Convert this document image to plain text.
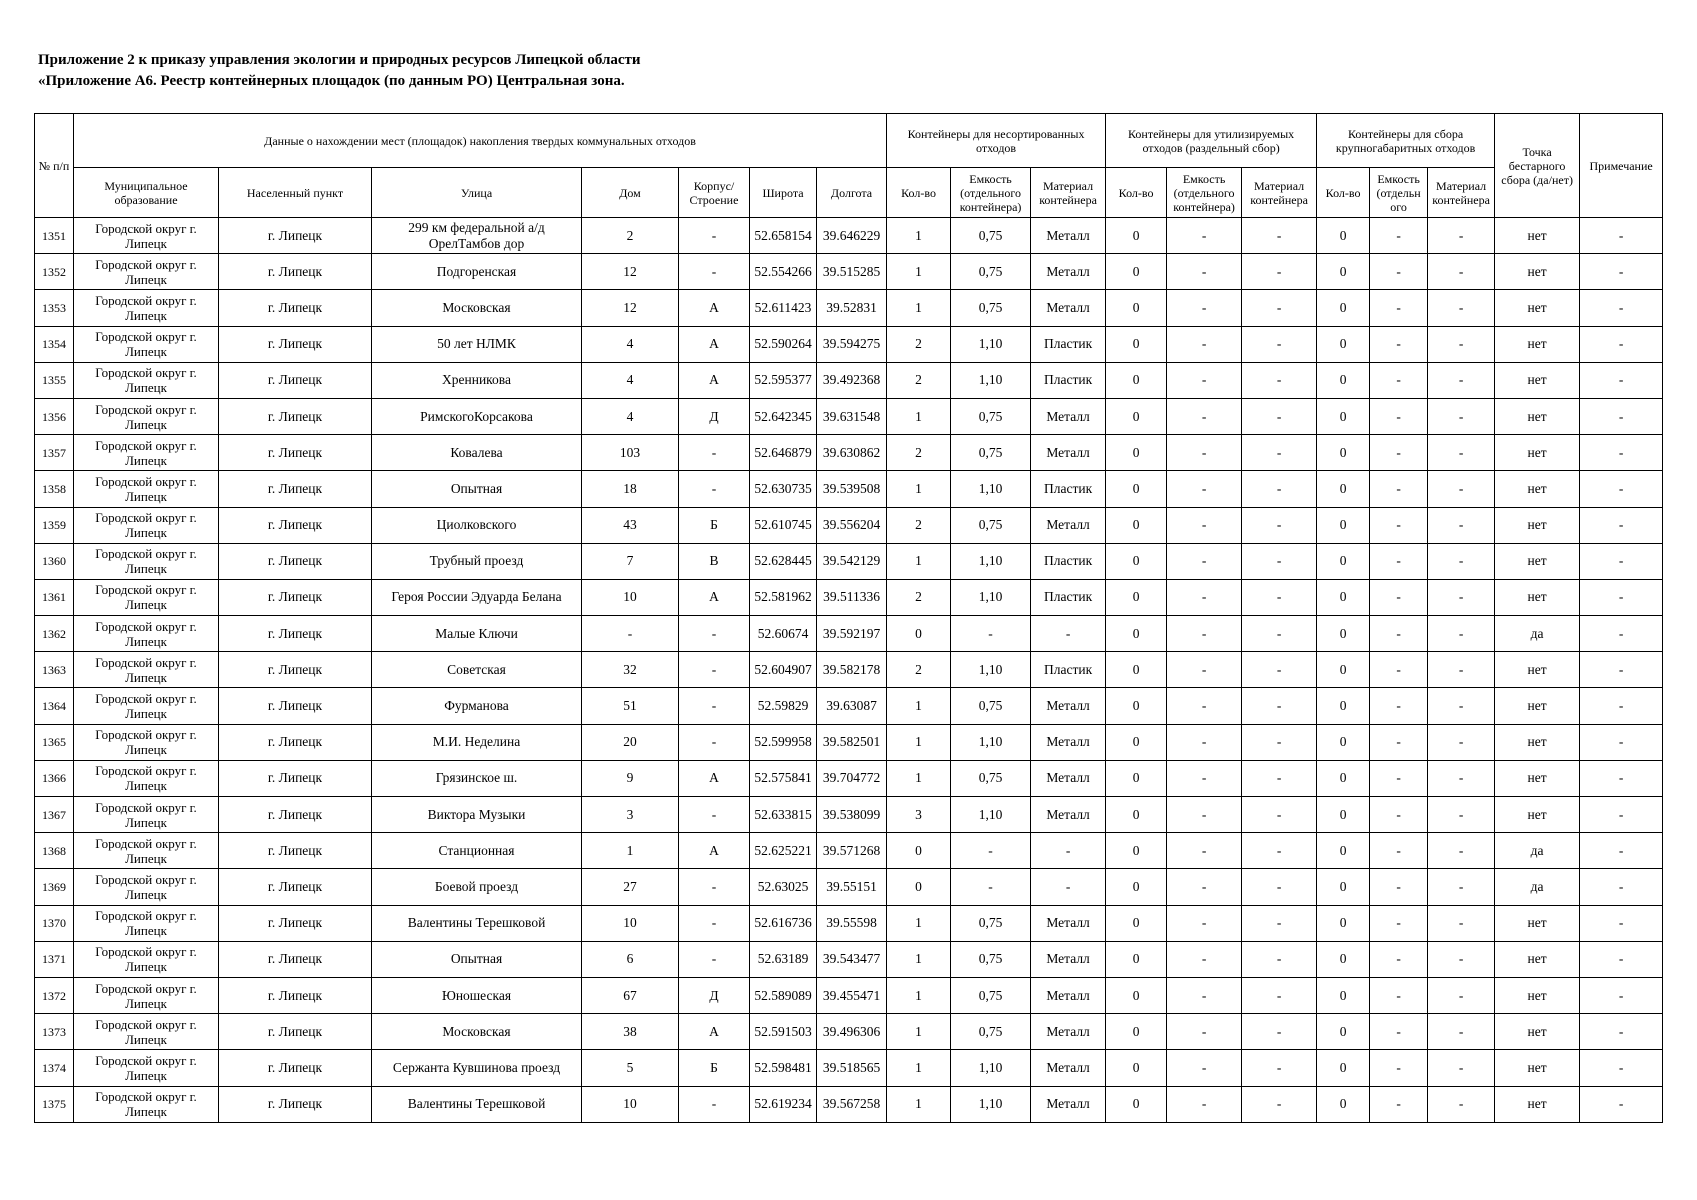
Приложение 2 к приказу управления экологии и природных ресурсов Липецкой области
«Приложение А6. Реестр контейнерных площадок (по данным РО) Центральная зона.
№ п/п	Данные о нахождении мест (площадок) накопления твердых коммунальных отходов							Контейнеры для несортированных отходов			Контейнеры для утилизируемых отходов (раздельный сбор)			Контейнеры для сбора крупногабаритных отходов			Точка бестарного сбора (да/нет)	Примечание
	Муниципальное образование	Населенный пункт	Улица	Дом	Корпус/ Строение	Широта	Долгота	Кол-во	Емкость (отдельного контейнера)	Материал контейнера	Кол-во	Емкость (отдельного контейнера)	Материал контейнера	Кол-во	Емкость (отдельн ого	Материал контейнера		
1351	Городской округ г. Липецк	г. Липецк	299 км федеральной а/д ОрелТамбов дор	2	-	52.658154	39.646229	1	0,75	Металл	0	-	-	0	-	-	нет	-
1352	Городской округ г. Липецк	г. Липецк	Подгоренская	12	-	52.554266	39.515285	1	0,75	Металл	0	-	-	0	-	-	нет	-
1353	Городской округ г. Липецк	г. Липецк	Московская	12	А	52.611423	39.52831	1	0,75	Металл	0	-	-	0	-	-	нет	-
1354	Городской округ г. Липецк	г. Липецк	50 лет НЛМК	4	А	52.590264	39.594275	2	1,10	Пластик	0	-	-	0	-	-	нет	-
1355	Городской округ г. Липецк	г. Липецк	Хренникова	4	А	52.595377	39.492368	2	1,10	Пластик	0	-	-	0	-	-	нет	-
1356	Городской округ г. Липецк	г. Липецк	РимскогоКорсакова	4	Д	52.642345	39.631548	1	0,75	Металл	0	-	-	0	-	-	нет	-
1357	Городской округ г. Липецк	г. Липецк	Ковалева	103	-	52.646879	39.630862	2	0,75	Металл	0	-	-	0	-	-	нет	-
1358	Городской округ г. Липецк	г. Липецк	Опытная	18	-	52.630735	39.539508	1	1,10	Пластик	0	-	-	0	-	-	нет	-
1359	Городской округ г. Липецк	г. Липецк	Циолковского	43	Б	52.610745	39.556204	2	0,75	Металл	0	-	-	0	-	-	нет	-
1360	Городской округ г. Липецк	г. Липецк	Трубный проезд	7	В	52.628445	39.542129	1	1,10	Пластик	0	-	-	0	-	-	нет	-
1361	Городской округ г. Липецк	г. Липецк	Героя России Эдуарда Белана	10	А	52.581962	39.511336	2	1,10	Пластик	0	-	-	0	-	-	нет	-
1362	Городской округ г. Липецк	г. Липецк	Малые Ключи	-	-	52.60674	39.592197	0	-	-	0	-	-	0	-	-	да	-
1363	Городской округ г. Липецк	г. Липецк	Советская	32	-	52.604907	39.582178	2	1,10	Пластик	0	-	-	0	-	-	нет	-
1364	Городской округ г. Липецк	г. Липецк	Фурманова	51	-	52.59829	39.63087	1	0,75	Металл	0	-	-	0	-	-	нет	-
1365	Городской округ г. Липецк	г. Липецк	М.И. Неделина	20	-	52.599958	39.582501	1	1,10	Металл	0	-	-	0	-	-	нет	-
1366	Городской округ г. Липецк	г. Липецк	Грязинское ш.	9	А	52.575841	39.704772	1	0,75	Металл	0	-	-	0	-	-	нет	-
1367	Городской округ г. Липецк	г. Липецк	Виктора Музыки	3	-	52.633815	39.538099	3	1,10	Металл	0	-	-	0	-	-	нет	-
1368	Городской округ г. Липецк	г. Липецк	Станционная	1	А	52.625221	39.571268	0	-	-	0	-	-	0	-	-	да	-
1369	Городской округ г. Липецк	г. Липецк	Боевой проезд	27	-	52.63025	39.55151	0	-	-	0	-	-	0	-	-	да	-
1370	Городской округ г. Липецк	г. Липецк	Валентины Терешковой	10	-	52.616736	39.55598	1	0,75	Металл	0	-	-	0	-	-	нет	-
1371	Городской округ г. Липецк	г. Липецк	Опытная	6	-	52.63189	39.543477	1	0,75	Металл	0	-	-	0	-	-	нет	-
1372	Городской округ г. Липецк	г. Липецк	Юношеская	67	Д	52.589089	39.455471	1	0,75	Металл	0	-	-	0	-	-	нет	-
1373	Городской округ г. Липецк	г. Липецк	Московская	38	А	52.591503	39.496306	1	0,75	Металл	0	-	-	0	-	-	нет	-
1374	Городской округ г. Липецк	г. Липецк	Сержанта Кувшинова проезд	5	Б	52.598481	39.518565	1	1,10	Металл	0	-	-	0	-	-	нет	-
1375	Городской округ г. Липецк	г. Липецк	Валентины Терешковой	10	-	52.619234	39.567258	1	1,10	Металл	0	-	-	0	-	-	нет	-
